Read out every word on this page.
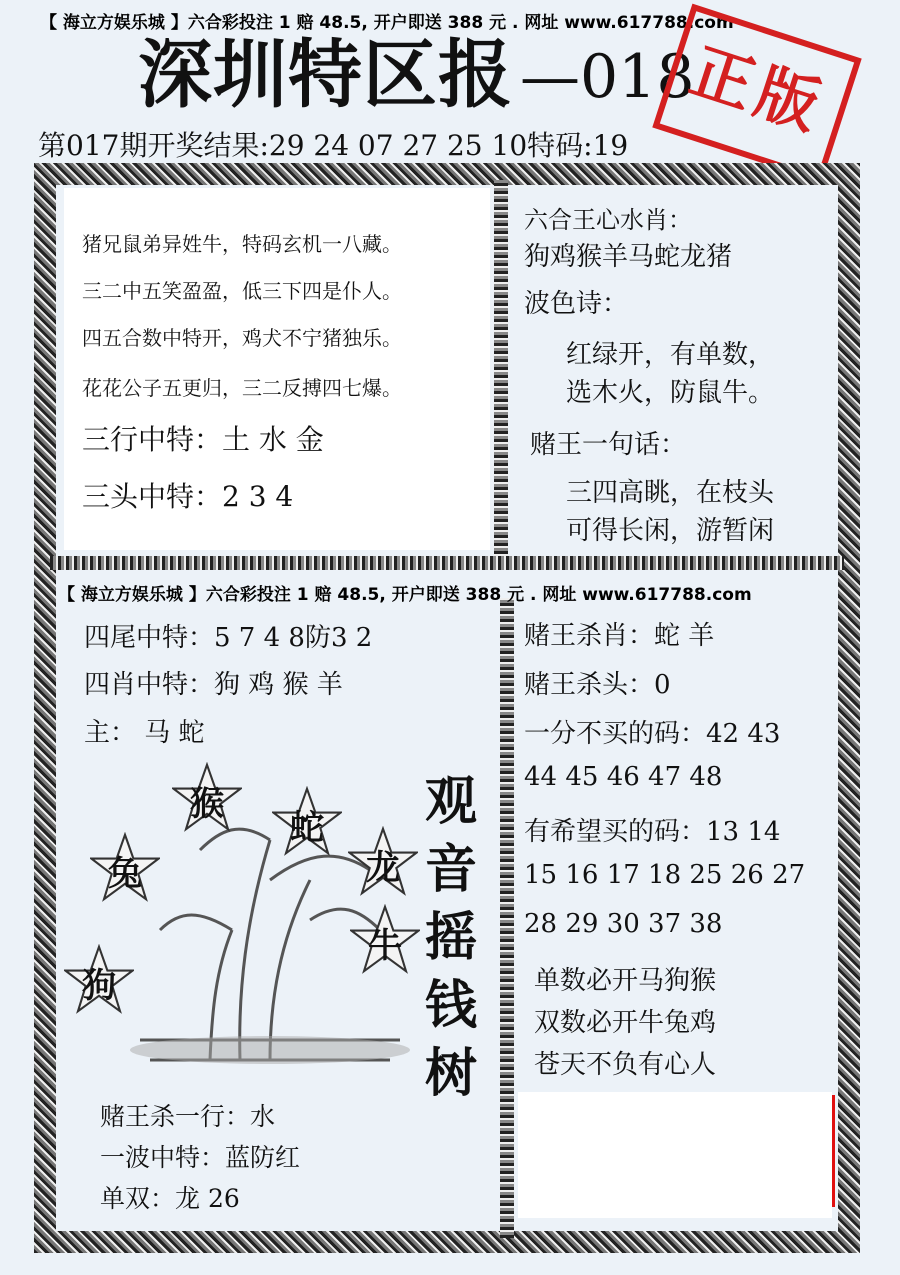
【 海立方娱乐城 】六合彩投注 1 赔 48.5, 开户即送 388 元 . 网址 www.617788.com
深圳特区报 —018
正版
第017期开奖结果:29 24 07 27 25 10特码:19
猪兄鼠弟异姓牛，特码玄机一八藏。
三二中五笑盈盈，低三下四是仆人。
四五合数中特开，鸡犬不宁猪独乐。
花花公子五更归，三二反搏四七爆。
三行中特：土 水 金
三头中特：2 3 4
六合王心水肖：
狗鸡猴羊马蛇龙猪
波色诗：
红绿开，有单数，
选木火，防鼠牛。
赌王一句话：
三四高眺，在枝头
可得长闲，游暂闲
【 海立方娱乐城 】六合彩投注 1 赔 48.5, 开户即送 388 元 . 网址 www.617788.com
四尾中特：5 7 4 8防3 2
四肖中特：狗 鸡 猴 羊
主： 马 蛇
猴
蛇
兔	龙
牛
狗
观
音
摇
钱
树
赌王杀一行：水
一波中特：蓝防红
单双：龙 26
赌王杀肖：蛇 羊
赌王杀头：0
一分不买的码：42 43
44 45 46 47 48
有希望买的码：13 14
15 16 17 18 25 26 27
28 29 30 37 38
单数必开马狗猴
双数必开牛兔鸡
苍天不负有心人
